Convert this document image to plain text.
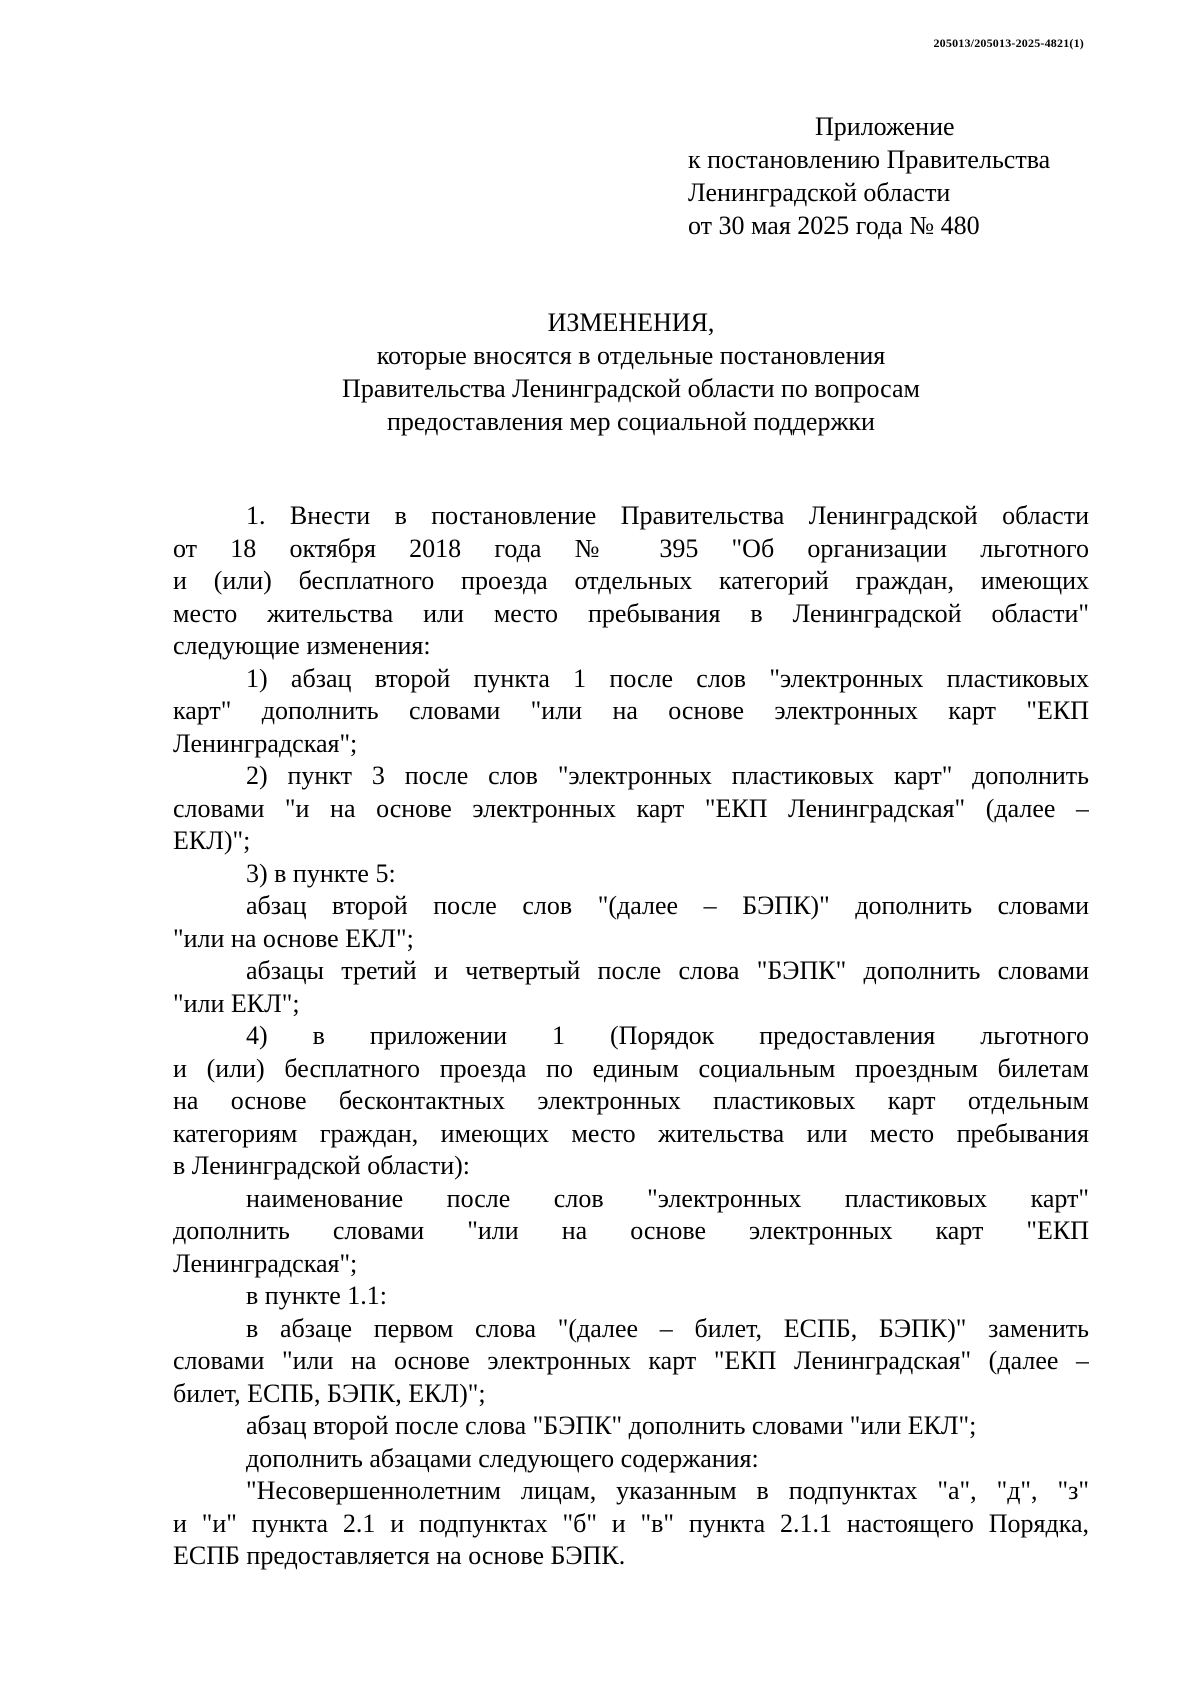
205013/205013-2025-4821(1)
Приложение
к постановлению Правительства
Ленинградской области
от 30 мая 2025 года № 480
ИЗМЕНЕНИЯ,
которые вносятся в отдельные постановления
Правительства Ленинградской области по вопросам
предоставления мер социальной поддержки
1. Внести в постановление Правительства Ленинградской области
от 18 октября 2018 года № 395 "Об организации льготного
и (или) бесплатного проезда отдельных категорий граждан, имеющих
место жительства или место пребывания в Ленинградской области"
следующие изменения:
1) абзац второй пункта 1 после слов "электронных пластиковых
карт" дополнить словами "или на основе электронных карт "ЕКП
Ленинградская";
2) пункт 3 после слов "электронных пластиковых карт" дополнить
словами "и на основе электронных карт "ЕКП Ленинградская" (далее –
ЕКЛ)";
3) в пункте 5:
абзац второй после слов "(далее – БЭПК)" дополнить словами
"или на основе ЕКЛ";
абзацы третий и четвертый после слова "БЭПК" дополнить словами
"или ЕКЛ";
4) в приложении 1 (Порядок предоставления льготного
и (или) бесплатного проезда по единым социальным проездным билетам
на основе бесконтактных электронных пластиковых карт отдельным
категориям граждан, имеющих место жительства или место пребывания
в Ленинградской области):
наименование после слов "электронных пластиковых карт"
дополнить словами "или на основе электронных карт "ЕКП
Ленинградская";
в пункте 1.1:
в абзаце первом слова "(далее – билет, ЕСПБ, БЭПК)" заменить
словами "или на основе электронных карт "ЕКП Ленинградская" (далее –
билет, ЕСПБ, БЭПК, ЕКЛ)";
абзац второй после слова "БЭПК" дополнить словами "или ЕКЛ";
дополнить абзацами следующего содержания:
"Несовершеннолетним лицам, указанным в подпунктах "а", "д", "з"
и "и" пункта 2.1 и подпунктах "б" и "в" пункта 2.1.1 настоящего Порядка,
ЕСПБ предоставляется на основе БЭПК.
